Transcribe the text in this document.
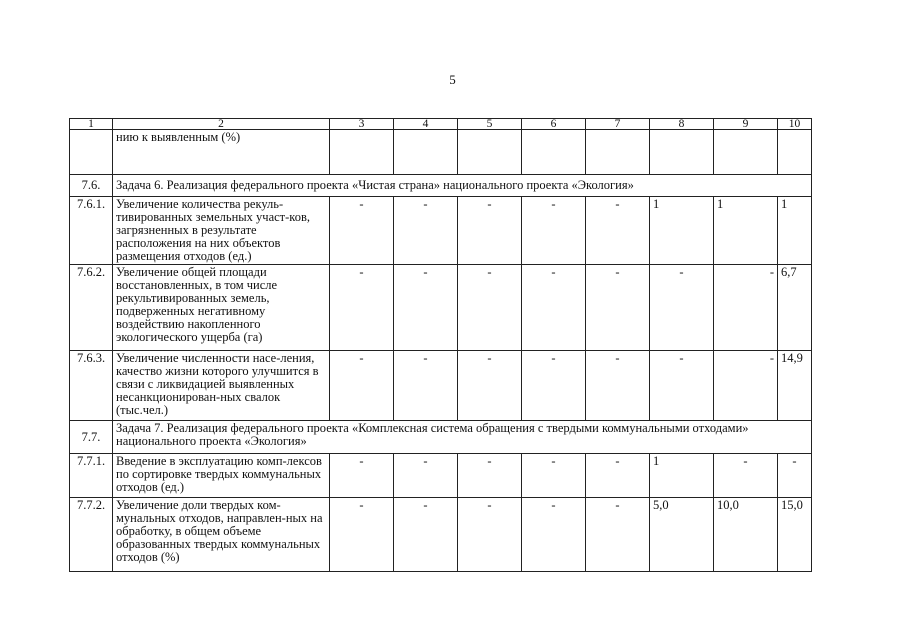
5
1	2	3	4	5	6	7	8	9	10
	нию к выявленным (%)								
7.6.	Задача 6. Реализация федерального проекта «Чистая страна» национального проекта «Экология»								
7.6.1.	Увеличение количества рекуль-тивированных земельных участ-ков, загрязненных в результате расположения на них объектов размещения отходов (ед.)	-	-	-	-	-	1	1	1
7.6.2.	Увеличение общей площади восстановленных, в том числе рекультивированных земель, подверженных негативному воздействию накопленного экологического ущерба (га)	-	-	-	-	-	-	-	6,7
7.6.3.	Увеличение численности насе-ления, качество жизни которого улучшится в связи с ликвидацией выявленных несанкционирован-ных свалок (тыс.чел.)	-	-	-	-	-	-	-	14,9
7.7.	Задача 7. Реализация федерального проекта «Комплексная система обращения с твердыми коммунальными отходами» национального проекта «Экология»								
7.7.1.	Введение в эксплуатацию комп-лексов по сортировке твердых коммунальных отходов (ед.)	-	-	-	-	-	1	-	-
7.7.2.	Увеличение доли твердых ком-мунальных отходов, направлен-ных на обработку, в общем объеме образованных твердых коммунальных отходов (%)	-	-	-	-	-	5,0	10,0	15,0
